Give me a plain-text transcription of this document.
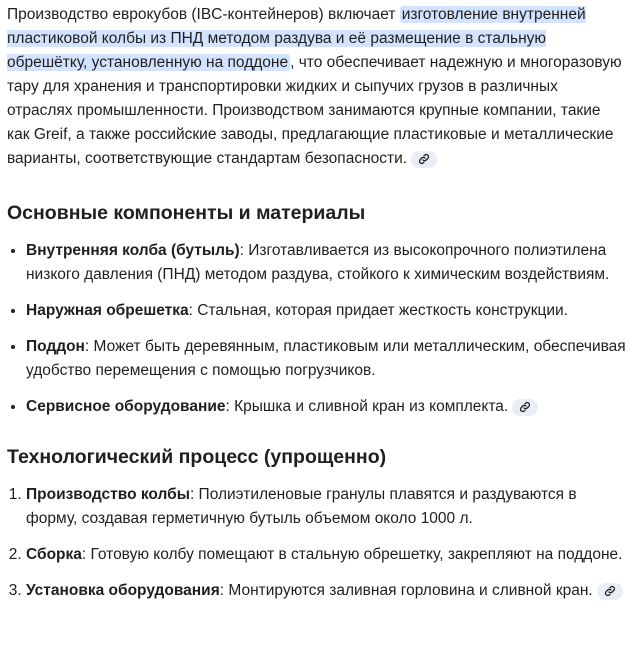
Производство еврокубов (IBC-контейнеров) включает изготовление внутренней пластиковой колбы из ПНД методом раздува и её размещение в стальную обрешётку, установленную на поддоне , что обеспечивает надежную и многоразовую тару для хранения и транспортировки жидких и сыпучих грузов в различных отраслях промышленности. Производством занимаются крупные компании, такие как Greif, а также российские заводы, предлагающие пластиковые и металлические варианты, соответствующие стандартам безопасности.

Основные компоненты и материалы
• Внутренняя колба (бутыль): Изготавливается из высокопрочного полиэтилена низкого давления (ПНД) методом раздува, стойкого к химическим воздействиям.
• Наружная обрешетка: Стальная, которая придает жесткость конструкции.
• Поддон: Может быть деревянным, пластиковым или металлическим, обеспечивая удобство перемещения с помощью погрузчиков.
• Сервисное оборудование: Крышка и сливной кран из комплекта.
Технологический процесс (упрощенно)
1. Производство колбы: Полиэтиленовые гранулы плавятся и раздуваются в форму, создавая герметичную бутыль объемом около 1000 л.
2. Сборка: Готовую колбу помещают в стальную обрешетку, закрепляют на поддоне.
3. Установка оборудования: Монтируются заливная горловина и сливной кран.
